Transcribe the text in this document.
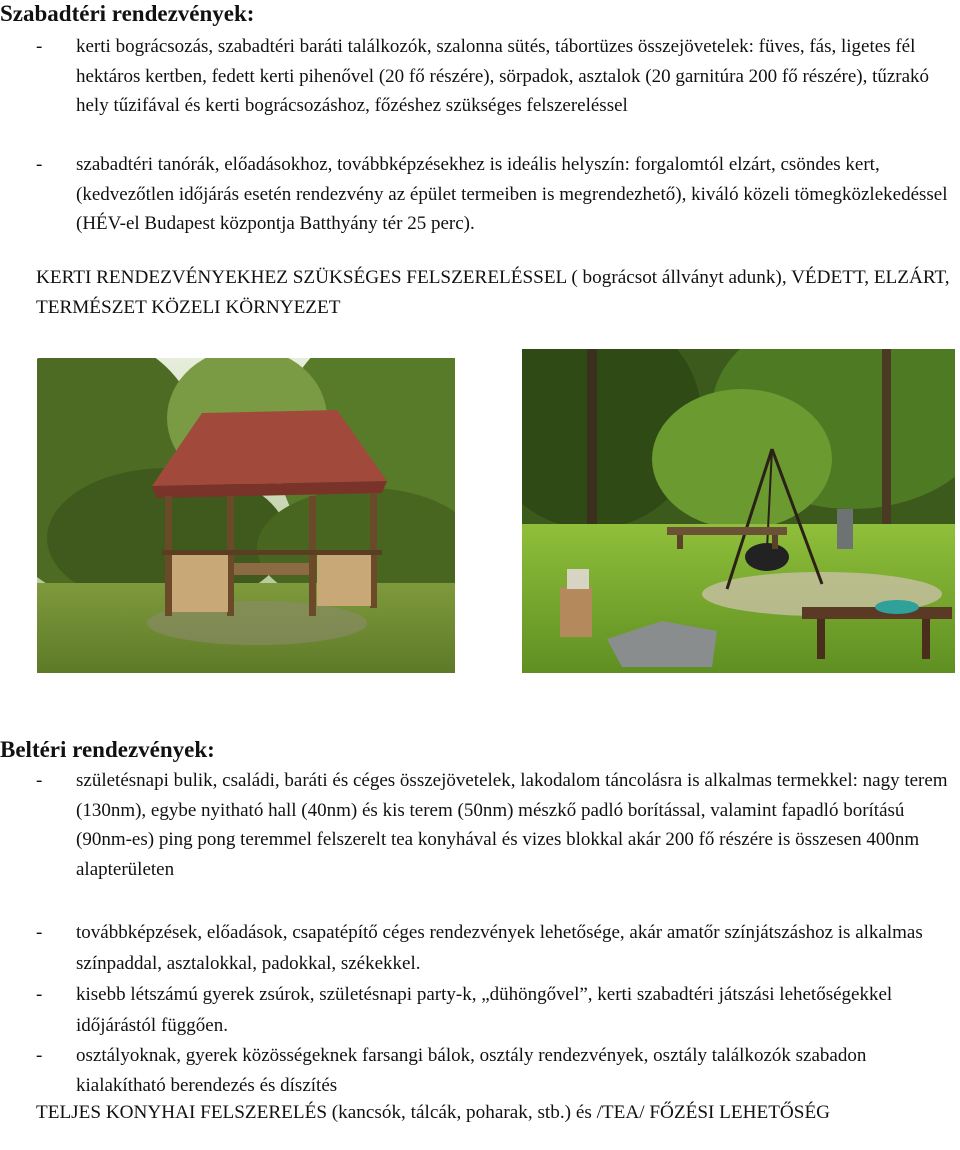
Szabadtéri rendezvények:
- kerti bográcsozás, szabadtéri baráti találkozók, szalonna sütés, tábortüzes összejövetelek: füves, fás, ligetes fél hektáros kertben, fedett kerti pihenővel (20 fő részére), sörpadok, asztalok (20 garnitúra 200 fő részére), tűzrakó hely tűzifával és kerti bográcsozáshoz, főzéshez szükséges felszereléssel
- szabadtéri tanórák, előadásokhoz, továbbképzésekhez is ideális helyszín: forgalomtól elzárt, csöndes kert, (kedvezőtlen időjárás esetén rendezvény az épület termeiben is megrendezhető), kiváló közeli tömegközlekedéssel (HÉV-el Budapest központja Batthyány tér 25 perc).
KERTI RENDEZVÉNYEKHEZ SZÜKSÉGES FELSZERELÉSSEL ( bográcsot állványt adunk), VÉDETT, ELZÁRT, TERMÉSZET KÖZELI KÖRNYEZET
Beltéri rendezvények:
- születésnapi bulik, családi, baráti és céges összejövetelek, lakodalom táncolásra is alkalmas termekkel: nagy terem (130nm), egybe nyitható hall (40nm) és kis terem (50nm) mészkő padló borítással, valamint fapadló borítású (90nm-es) ping pong teremmel felszerelt tea konyhával és vizes blokkal akár 200 fő részére is összesen 400nm alapterületen
- továbbképzések, előadások, csapatépítő céges rendezvények lehetősége, akár amatőr színjátszáshoz is alkalmas színpaddal, asztalokkal, padokkal, székekkel.
- kisebb létszámú gyerek zsúrok, születésnapi party-k, „dühöngővel”, kerti szabadtéri játszási lehetőségekkel időjárástól függően.
- osztályoknak, gyerek közösségeknek farsangi bálok, osztály rendezvények, osztály találkozók szabadon kialakítható berendezés és díszítés
TELJES KONYHAI FELSZERELÉS (kancsók, tálcák, poharak, stb.) és /TEA/ FŐZÉSI LEHETŐSÉG
